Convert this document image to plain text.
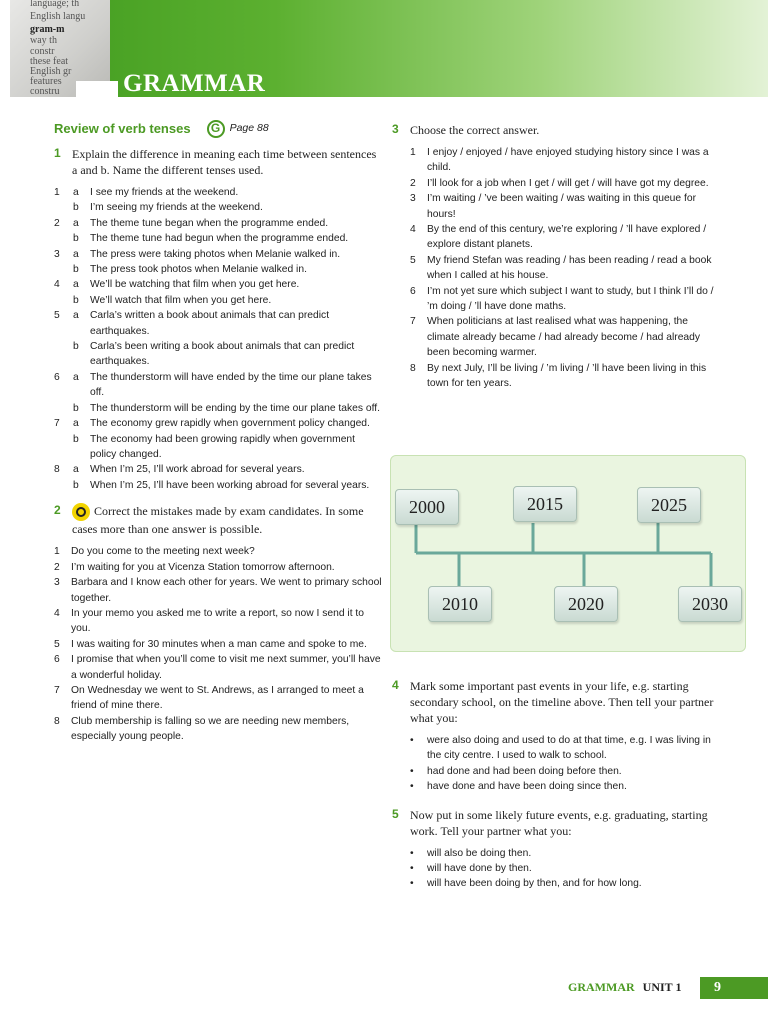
language; th
English langu
gram-m
way th
constr
these feat
English gr
features
constru	GRAMMAR
Review of verb tenses	G Page 88
1 Explain the difference in meaning each time between sentences a and b. Name the different tenses used.
1	a	I see my friends at the weekend.
b	I’m seeing my friends at the weekend.
2	a	The theme tune began when the programme ended.
b	The theme tune had begun when the programme ended.
3	a	The press were taking photos when Melanie walked in.
b	The press took photos when Melanie walked in.
4	a	We’ll be watching that film when you get here.
b	We’ll watch that film when you get here.
5	a	Carla’s written a book about animals that can predict earthquakes.
b	Carla’s been writing a book about animals that can predict earthquakes.
6	a	The thunderstorm will have ended by the time our plane takes off.
b	The thunderstorm will be ending by the time our plane takes off.
7	a	The economy grew rapidly when government policy changed.
b	The economy had been growing rapidly when government policy changed.
8	a	When I’m 25, I’ll work abroad for several years.
b	When I’m 25, I’ll have been working abroad for several years.
2	Correct the mistakes made by exam candidates. In some cases more than one answer is possible.
1	Do you come to the meeting next week?
2	I’m waiting for you at Vicenza Station tomorrow afternoon.
3	Barbara and I know each other for years. We went to primary school together.
4	In your memo you asked me to write a report, so now I send it to you.
5	I was waiting for 30 minutes when a man came and spoke to me.
6	I promise that when you’ll come to visit me next summer, you’ll have a wonderful holiday.
7	On Wednesday we went to St. Andrews, as I arranged to meet a friend of mine there.
8	Club membership is falling so we are needing new members, especially young people.
3 Choose the correct answer.
1	I enjoy / enjoyed / have enjoyed studying history since I was a child.
2	I’ll look for a job when I get / will get / will have got my degree.
3	I’m waiting / ’ve been waiting / was waiting in this queue for hours!
4	By the end of this century, we’re exploring / ’ll have explored / explore distant planets.
5	My friend Stefan was reading / has been reading / read a book when I called at his house.
6	I’m not yet sure which subject I want to study, but I think I’ll do / ’m doing / ’ll have done maths.
7	When politicians at last realised what was happening, the climate already became / had already become / had already been becoming warmer.
8	By next July, I’ll be living / ’m living / ’ll have been living in this town for ten years.
2000	2015	2025
2010	2020	2030
4 Mark some important past events in your life, e.g. starting secondary school, on the timeline above. Then tell your partner what you:
•	were also doing and used to do at that time, e.g. I was living in the city centre. I used to walk to school.
•	had done and had been doing before then.
•	have done and have been doing since then.
5 Now put in some likely future events, e.g. graduating, starting work. Tell your partner what you:
•	will also be doing then.
•	will have done by then.
•	will have been doing by then, and for how long.
GRAMMAR UNIT 1	9
